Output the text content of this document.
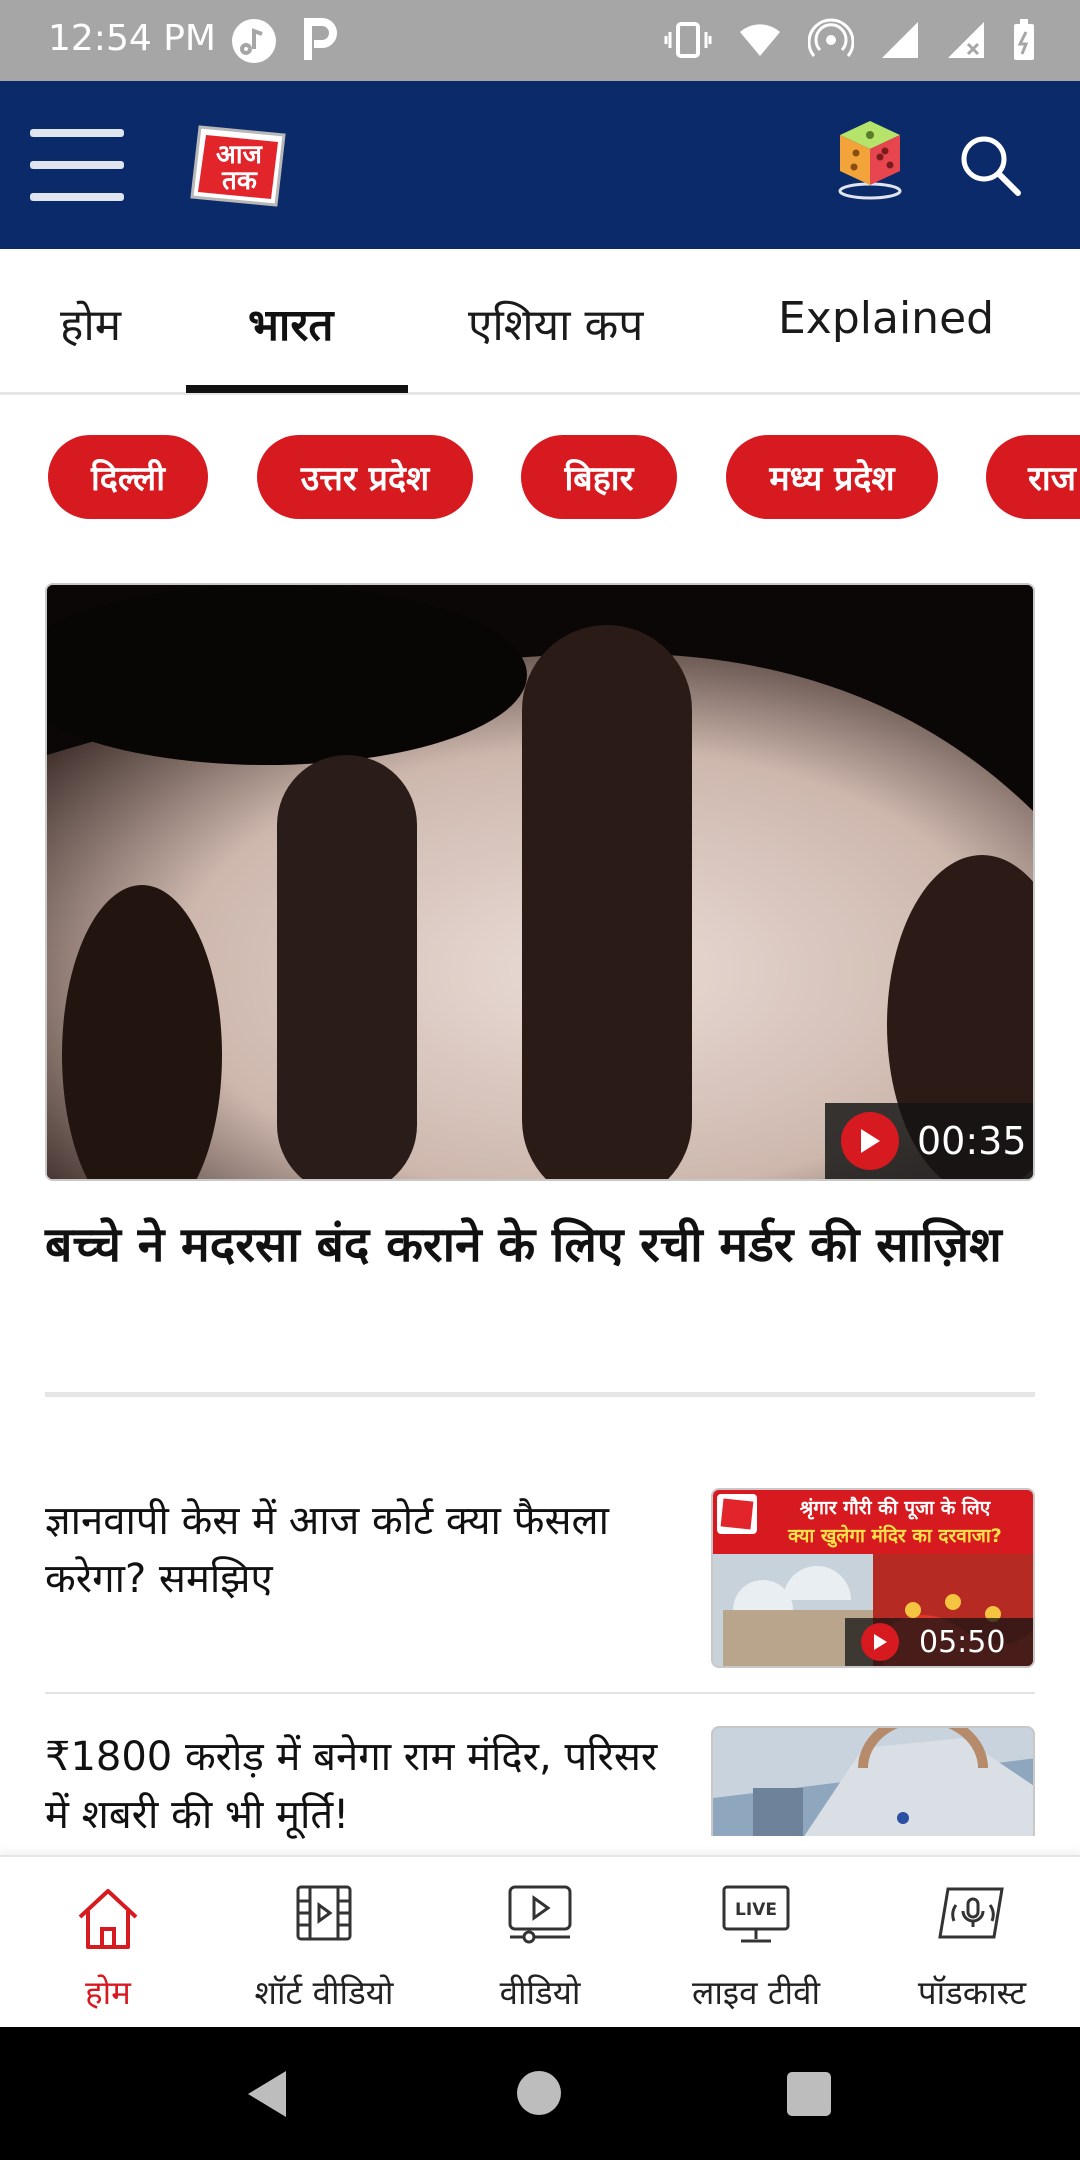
12:54 PM
आज
तक
होम	भारत	एशिया कप	Explained
दिल्ली	उत्तर प्रदेश	बिहार	मध्य प्रदेश	राज
00:35
बच्चे ने मदरसा बंद कराने के लिए रची मर्डर की साज़िश
ज्ञानवापी केस में आज कोर्ट क्या फैसला करेगा? समझिए
श्रृंगार गौरी की पूजा के लिए
क्या खुलेगा मंदिर का दरवाजा?
05:50
₹1800 करोड़ में बनेगा राम मंदिर, परिसर में शबरी की भी मूर्ति!
होम	शॉर्ट वीडियो	वीडियो
LIVE
लाइव टीवी	पॉडकास्ट
